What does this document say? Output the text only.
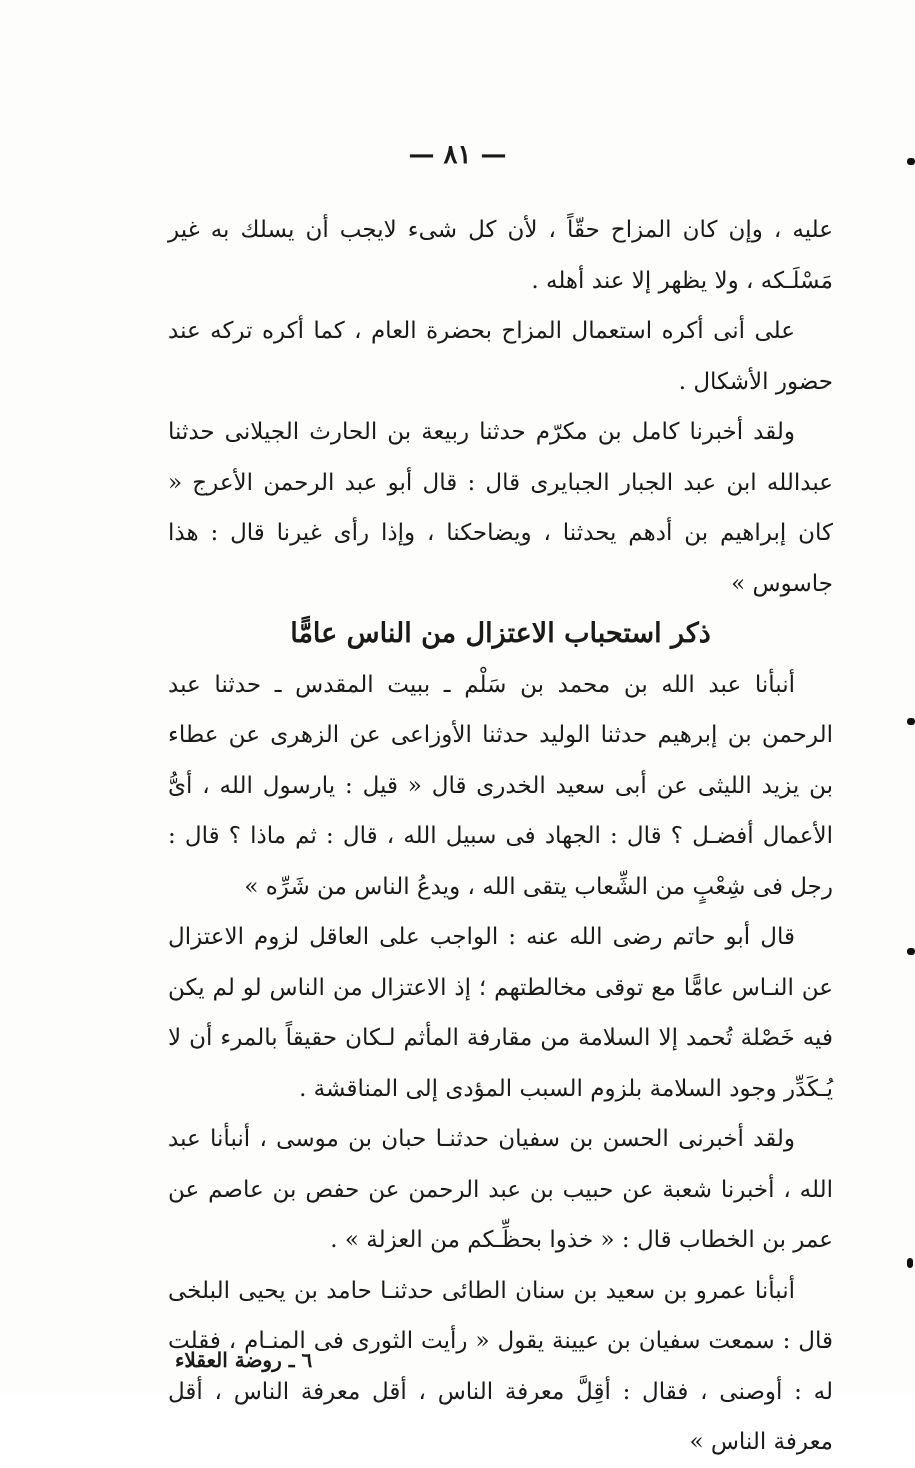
— ٨١ —

عليه ، وإن كان المزاح حقّاً ، لأن كل شىء لايجب أن يسلك به غير مَسْلَـكه ، ولا يظهر إلا عند أهله .

على أنى أكره استعمال المزاح بحضرة العام ، كما أكره تركه عند حضور الأشكال .

ولقد أخبرنا كامل بن مكرّم حدثنا ربيعة بن الحارث الجيلانى حدثنا عبدالله ابن عبد الجبار الجبايرى قال : قال أبو عبد الرحمن الأعرج « كان إبراهيم بن أدهم يحدثنا ، ويضاحكنا ، وإذا رأى غيرنا قال : هذا جاسوس »

ذكر استحباب الاعتزال من الناس عامًّا

أنبأنا عبد الله بن محمد بن سَلْم ـ ببيت المقدس ـ حدثنا عبد الرحمن بن إبرهيم حدثنا الوليد حدثنا الأوزاعى عن الزهرى عن عطاء بن يزيد الليثى عن أبى سعيد الخدرى قال « قيل : يارسول الله ، أىُّ الأعمال أفضـل ؟ قال : الجهاد فى سبيل الله ، قال : ثم ماذا ؟ قال : رجل فى شِعْبٍ من الشِّعاب يتقى الله ، ويدعُ الناس من شَرِّه »

قال أبو حاتم رضى الله عنه : الواجب على العاقل لزوم الاعتزال عن النـاس عامًّا مع توقى مخالطتهم ؛ إذ الاعتزال من الناس لو لم يكن فيه خَصْلة تُحمد إلا السلامة من مقارفة المأثم لـكان حقيقاً بالمرء أن لا يُـكَدِّر وجود السلامة بلزوم السبب المؤدى إلى المناقشة .

ولقد أخبرنى الحسن بن سفيان حدثنـا حبان بن موسى ، أنبأنا عبد الله ، أخبرنا شعبة عن حبيب بن عبد الرحمن عن حفص بن عاصم عن عمر بن الخطاب قال : « خذوا بحظِّـكم من العزلة » .

أنبأنا عمرو بن سعيد بن سنان الطائى حدثنـا حامد بن يحيى البلخى قال : سمعت سفيان بن عيينة يقول « رأيت الثورى فى المنـام ، فقلت له : أوصنى ، فقال : أقِلَّ معرفة الناس ، أقل معرفة الناس ، أقل معرفة الناس »

٦ ـ روضة العقلاء
